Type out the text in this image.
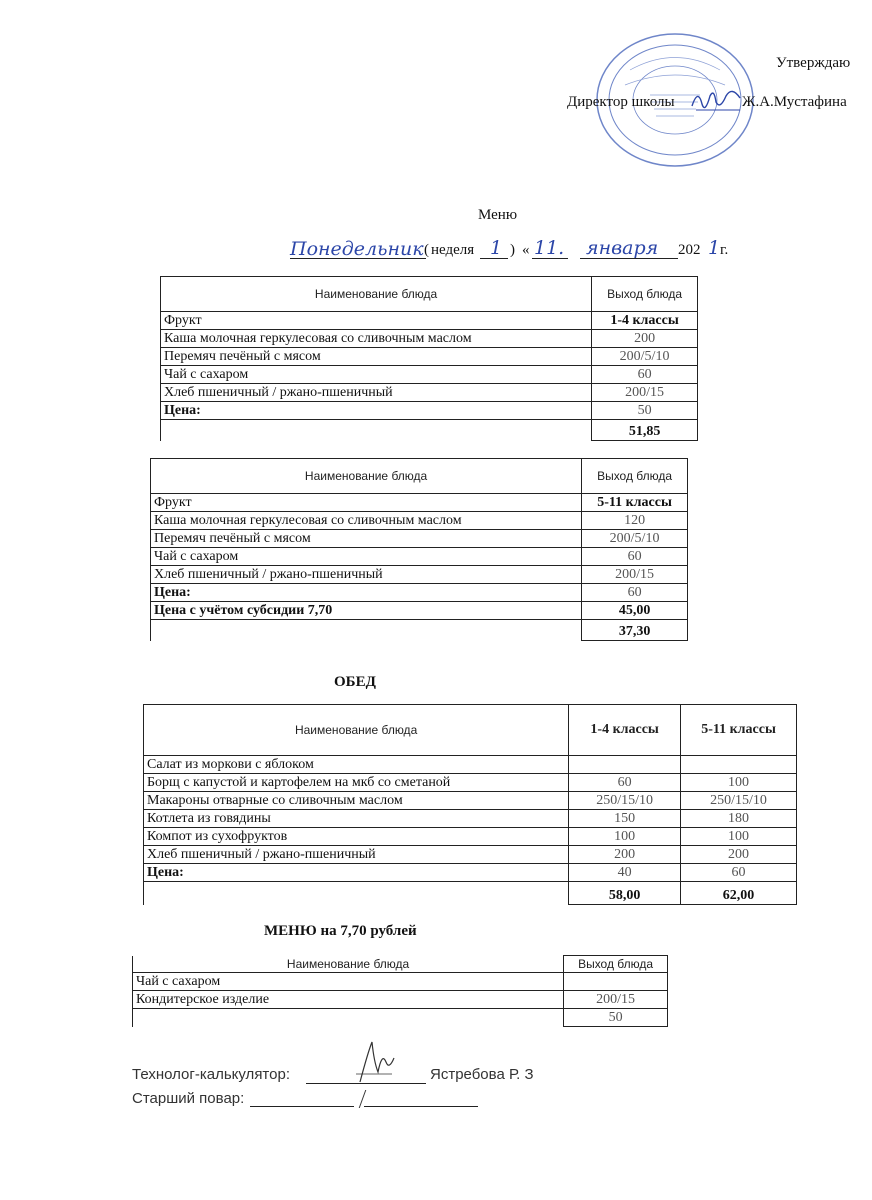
Утверждаю
Директор школы	Ж.А.Мустафина
Меню
Понедельник ( неделя 1 ) « 11. января 202 1 г.
Наименование блюда	Выход блюда
Фрукт	1-4 классы
Каша молочная геркулесовая со сливочным маслом	200
Перемяч печёный с мясом	200/5/10
Чай с сахаром	60
Хлеб пшеничный / ржано-пшеничный	200/15
Цена:	50
	51,85
Наименование блюда	Выход блюда
Фрукт	5-11 классы
Каша молочная геркулесовая со сливочным маслом	120
Перемяч печёный с мясом	200/5/10
Чай с сахаром	60
Хлеб пшеничный / ржано-пшеничный	200/15
Цена:	60
Цена с учётом субсидии 7,70	45,00
	37,30
ОБЕД
Наименование блюда	1-4 классы	5-11 классы
Салат из моркови с яблоком		
Борщ с капустой и картофелем на мкб со сметаной	60	100
Макароны отварные со сливочным маслом	250/15/10	250/15/10
Котлета из говядины	150	180
Компот из сухофруктов	100	100
Хлеб пшеничный / ржано-пшеничный	200	200
Цена:	40	60
	58,00	62,00
МЕНЮ на 7,70 рублей
Наименование блюда	Выход блюда
Чай с сахаром	
Кондитерское изделие	200/15
	50
Технолог-калькулятор:	Ястребова Р. З
Старший повар:
